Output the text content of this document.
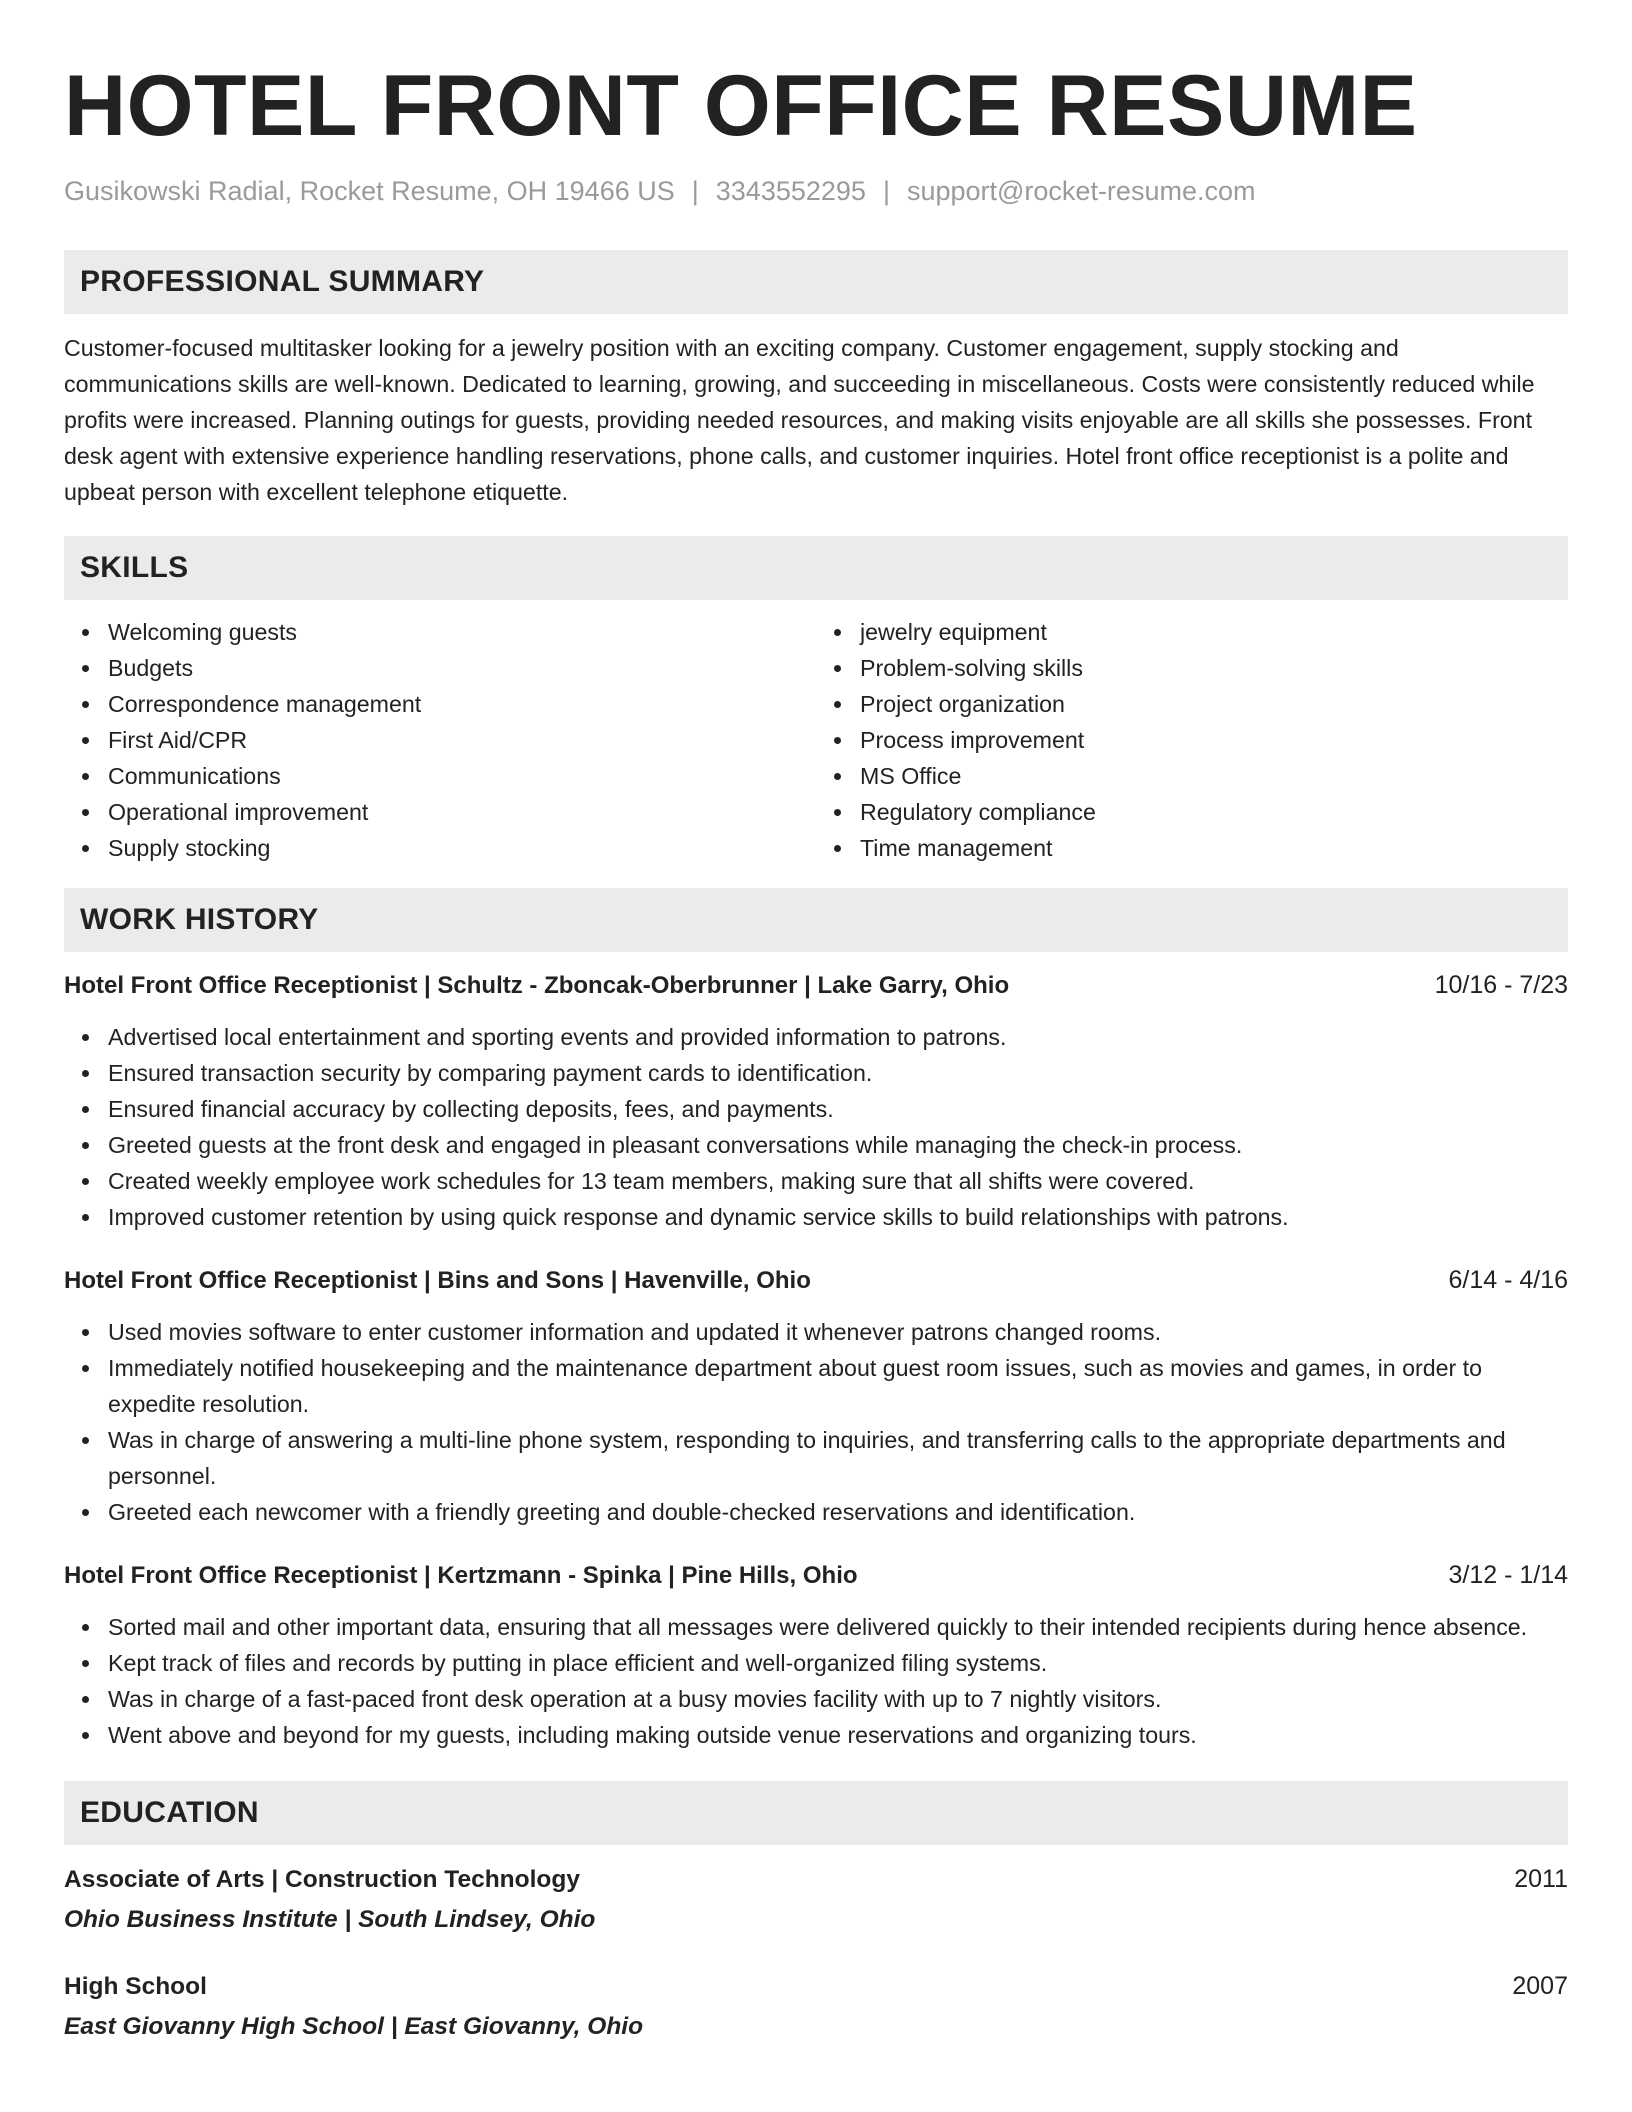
HOTEL FRONT OFFICE RESUME
Gusikowski Radial, Rocket Resume, OH 19466 US | 3343552295 | support@rocket-resume.com
PROFESSIONAL SUMMARY

Customer-focused multitasker looking for a jewelry position with an exciting company. Customer engagement, supply stocking and communications skills are well-known. Dedicated to learning, growing, and succeeding in miscellaneous. Costs were consistently reduced while profits were increased. Planning outings for guests, providing needed resources, and making visits enjoyable are all skills she possesses. Front desk agent with extensive experience handling reservations, phone calls, and customer inquiries. Hotel front office receptionist is a polite and upbeat person with excellent telephone etiquette.

SKILLS
Welcoming guests
Budgets
Correspondence management
First Aid/CPR
Communications
Operational improvement
Supply stocking
jewelry equipment
Problem-solving skills
Project organization
Process improvement
MS Office
Regulatory compliance
Time management
WORK HISTORY
Hotel Front Office Receptionist | Schultz - Zboncak-Oberbrunner | Lake Garry, Ohio	10/16 - 7/23
Advertised local entertainment and sporting events and provided information to patrons.
Ensured transaction security by comparing payment cards to identification.
Ensured financial accuracy by collecting deposits, fees, and payments.
Greeted guests at the front desk and engaged in pleasant conversations while managing the check-in process.
Created weekly employee work schedules for 13 team members, making sure that all shifts were covered.
Improved customer retention by using quick response and dynamic service skills to build relationships with patrons.
Hotel Front Office Receptionist | Bins and Sons | Havenville, Ohio	6/14 - 4/16
Used movies software to enter customer information and updated it whenever patrons changed rooms.
Immediately notified housekeeping and the maintenance department about guest room issues, such as movies and games, in order to expedite resolution.
Was in charge of answering a multi-line phone system, responding to inquiries, and transferring calls to the appropriate departments and personnel.
Greeted each newcomer with a friendly greeting and double-checked reservations and identification.
Hotel Front Office Receptionist | Kertzmann - Spinka | Pine Hills, Ohio	3/12 - 1/14
Sorted mail and other important data, ensuring that all messages were delivered quickly to their intended recipients during hence absence.
Kept track of files and records by putting in place efficient and well-organized filing systems.
Was in charge of a fast-paced front desk operation at a busy movies facility with up to 7 nightly visitors.
Went above and beyond for my guests, including making outside venue reservations and organizing tours.
EDUCATION
Associate of Arts | Construction Technology	2011
Ohio Business Institute | South Lindsey, Ohio
High School	2007
East Giovanny High School | East Giovanny, Ohio
